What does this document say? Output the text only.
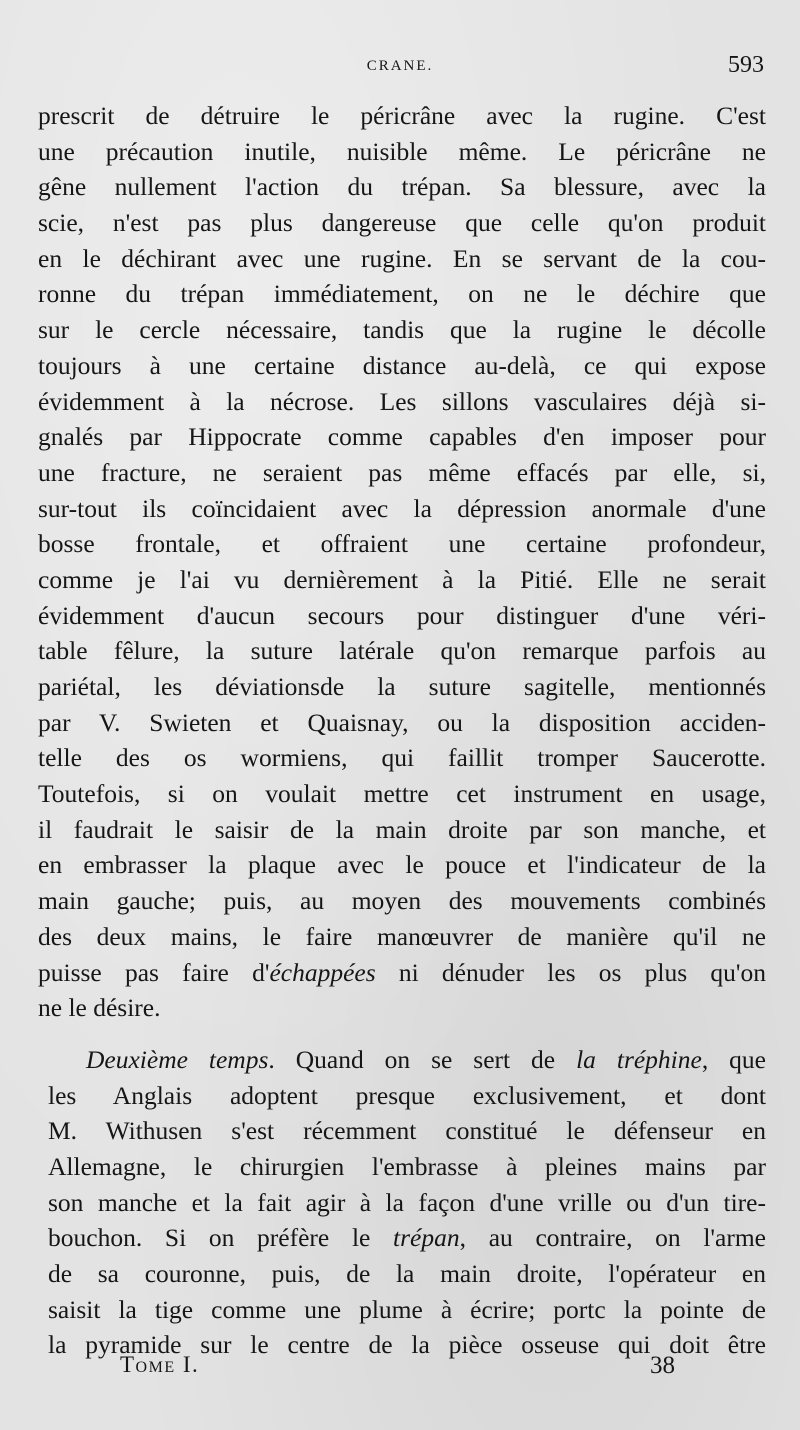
CRANE.	593
prescrit de détruire le péricrâne avec la rugine. C'est
une précaution inutile, nuisible même. Le péricrâne ne
gêne nullement l'action du trépan. Sa blessure, avec la
scie, n'est pas plus dangereuse que celle qu'on produit
en le déchirant avec une rugine. En se servant de la cou-
ronne du trépan immédiatement, on ne le déchire que
sur le cercle nécessaire, tandis que la rugine le décolle
toujours à une certaine distance au-delà, ce qui expose
évidemment à la nécrose. Les sillons vasculaires déjà si-
gnalés par Hippocrate comme capables d'en imposer pour
une fracture, ne seraient pas même effacés par elle, si,
sur-tout ils coïncidaient avec la dépression anormale d'une
bosse frontale, et offraient une certaine profondeur,
comme je l'ai vu dernièrement à la Pitié. Elle ne serait
évidemment d'aucun secours pour distinguer d'une véri-
table fêlure, la suture latérale qu'on remarque parfois au
pariétal, les déviationsde la suture sagitelle, mentionnés
par V. Swieten et Quaisnay, ou la disposition acciden-
telle des os wormiens, qui faillit tromper Saucerotte.
Toutefois, si on voulait mettre cet instrument en usage,
il faudrait le saisir de la main droite par son manche, et
en embrasser la plaque avec le pouce et l'indicateur de la
main gauche; puis, au moyen des mouvements combinés
des deux mains, le faire manœuvrer de manière qu'il ne
puisse pas faire d'échappées ni dénuder les os plus qu'on
ne le désire.
Deuxième temps. Quand on se sert de la tréphine, que
les Anglais adoptent presque exclusivement, et dont
M. Withusen s'est récemment constitué le défenseur en
Allemagne, le chirurgien l'embrasse à pleines mains par
son manche et la fait agir à la façon d'une vrille ou d'un tire-
bouchon. Si on préfère le trépan, au contraire, on l'arme
de sa couronne, puis, de la main droite, l'opérateur en
saisit la tige comme une plume à écrire; portc la pointe de
la pyramide sur le centre de la pièce osseuse qui doit être
Tome I.	38
